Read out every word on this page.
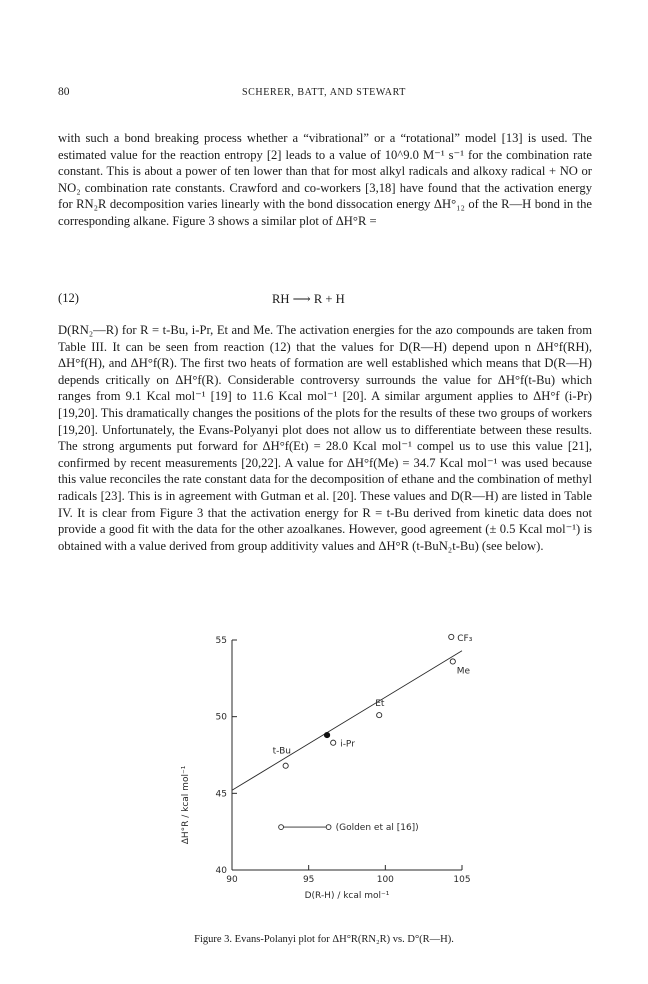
80	SCHERER, BATT, AND STEWART

with such a bond breaking process whether a “vibrational” or a “rotational” model [13] is used. The estimated value for the reaction entropy [2] leads to a value of 10^9.0 M⁻¹ s⁻¹ for the combination rate constant. This is about a power of ten lower than that for most alkyl radicals and alkoxy radical + NO or NO₂ combination rate constants. Crawford and co-workers [3,18] have found that the activation energy for RN₂R decomposition varies linearly with the bond dissocation energy ΔH°₁₂ of the R—H bond in the corresponding alkane. Figure 3 shows a similar plot of ΔH°R =

(12)	RH ⟶ R + H

D(RN₂—R) for R = t-Bu, i-Pr, Et and Me. The activation energies for the azo compounds are taken from Table III. It can be seen from reaction (12) that the values for D(R—H) depend upon n ΔH°f(RH), ΔH°f(H), and ΔH°f(R). The first two heats of formation are well established which means that D(R—H) depends critically on ΔH°f(R). Considerable controversy surrounds the value for ΔH°f(t-Bu) which ranges from 9.1 Kcal mol⁻¹ [19] to 11.6 Kcal mol⁻¹ [20]. A similar argument applies to ΔH°f (i-Pr) [19,20]. This dramatically changes the positions of the plots for the results of these two groups of workers [19,20]. Unfortunately, the Evans-Polyanyi plot does not allow us to differentiate between these results. The strong arguments put forward for ΔH°f(Et) = 28.0 Kcal mol⁻¹ compel us to use this value [21], confirmed by recent measurements [20,22]. A value for ΔH°f(Me) = 34.7 Kcal mol⁻¹ was used because this value reconciles the rate constant data for the decomposition of ethane and the combination of methyl radicals [23]. This is in agreement with Gutman et al. [20]. These values and D(R—H) are listed in Table IV. It is clear from Figure 3 that the activation energy for R = t-Bu derived from kinetic data does not provide a good fit with the data for the other azoalkanes. However, good agreement (± 0.5 Kcal mol⁻¹) is obtained with a value derived from group additivity values and ΔH°R (t-BuN₂t-Bu) (see below).

40
45
50
55
90	95	100	105
D(R-H) / kcal mol⁻¹
ΔH°R / kcal mol⁻¹
t-Bu
i-Pr
Et
Me
CF₃
(Golden et al [16])
Figure 3. Evans-Polanyi plot for ΔH°R(RN₂R) vs. D°(R—H).
